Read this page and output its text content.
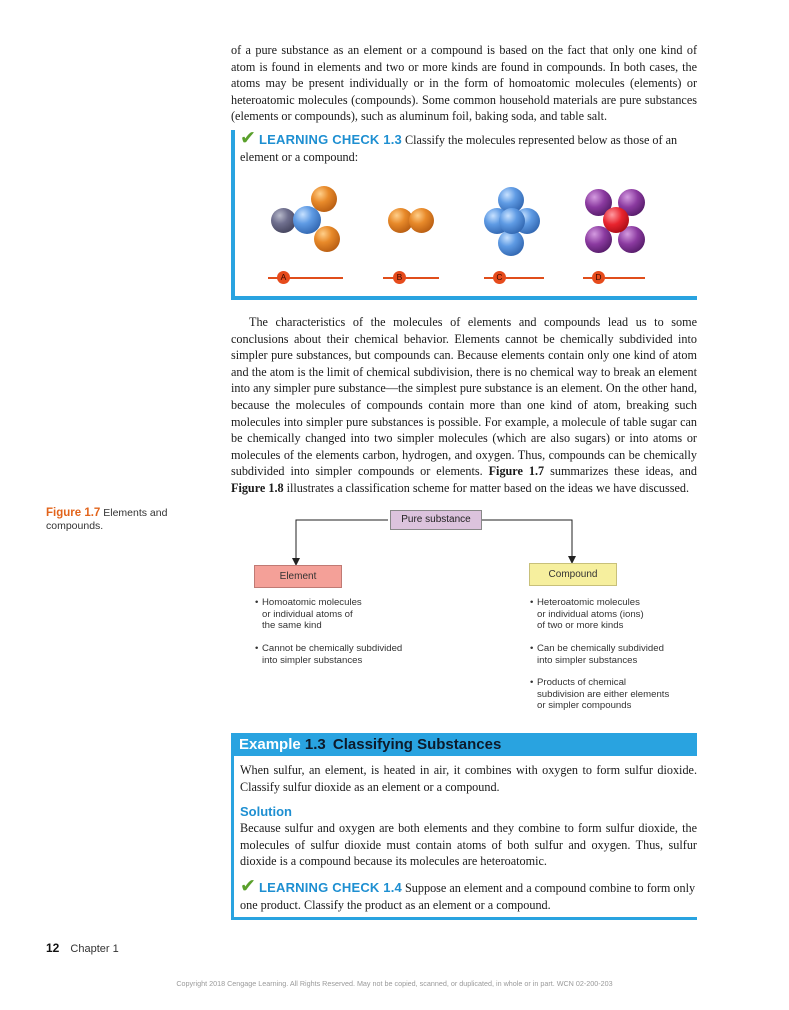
of a pure substance as an element or a compound is based on the fact that only one kind of atom is found in elements and two or more kinds are found in compounds. In both cases, the atoms may be present individually or in the form of homoatomic molecules (elements) or heteroatomic molecules (compounds). Some common household materials are pure substances (elements or compounds), such as aluminum foil, baking soda, and table salt.

✔ LEARNING CHECK 1.3 Classify the molecules represented below as those of an element or a compound:
A	B	C	D

The characteristics of the molecules of elements and compounds lead us to some conclusions about their chemical behavior. Elements cannot be chemically subdivided into simpler pure substances, but compounds can. Because elements contain only one kind of atom and the atom is the limit of chemical subdivision, there is no chemical way to break an element into any simpler pure substance—the simplest pure substance is an element. On the other hand, because the molecules of compounds contain more than one kind of atom, breaking such molecules into simpler pure substances is possible. For example, a molecule of table sugar can be chemically changed into two simpler molecules (which are also sugars) or into atoms or molecules of the elements carbon, hydrogen, and oxygen. Thus, compounds can be chemically subdivided into simpler compounds or elements. Figure 1.7 summarizes these ideas, and Figure 1.8 illustrates a classification scheme for matter based on the ideas we have discussed.

Figure 1.7 Elements and compounds.
Pure substance
Element	Compound
• Homoatomic molecules
or individual atoms of
the same kind
• Cannot be chemically subdivided
into simpler substances
• Heteroatomic molecules
or individual atoms (ions)
of two or more kinds
• Can be chemically subdivided
into simpler substances
• Products of chemical
subdivision are either elements
or simpler compounds
Example 1.3 Classifying Substances

When sulfur, an element, is heated in air, it combines with oxygen to form sulfur dioxide. Classify sulfur dioxide as an element or a compound.

Solution

Because sulfur and oxygen are both elements and they combine to form sulfur dioxide, the molecules of sulfur dioxide must contain atoms of both sulfur and oxygen. Thus, sulfur dioxide is a compound because its molecules are heteroatomic.

✔ LEARNING CHECK 1.4 Suppose an element and a compound combine to form only one product. Classify the product as an element or a compound.
12 Chapter 1
Copyright 2018 Cengage Learning. All Rights Reserved. May not be copied, scanned, or duplicated, in whole or in part. WCN 02-200-203
